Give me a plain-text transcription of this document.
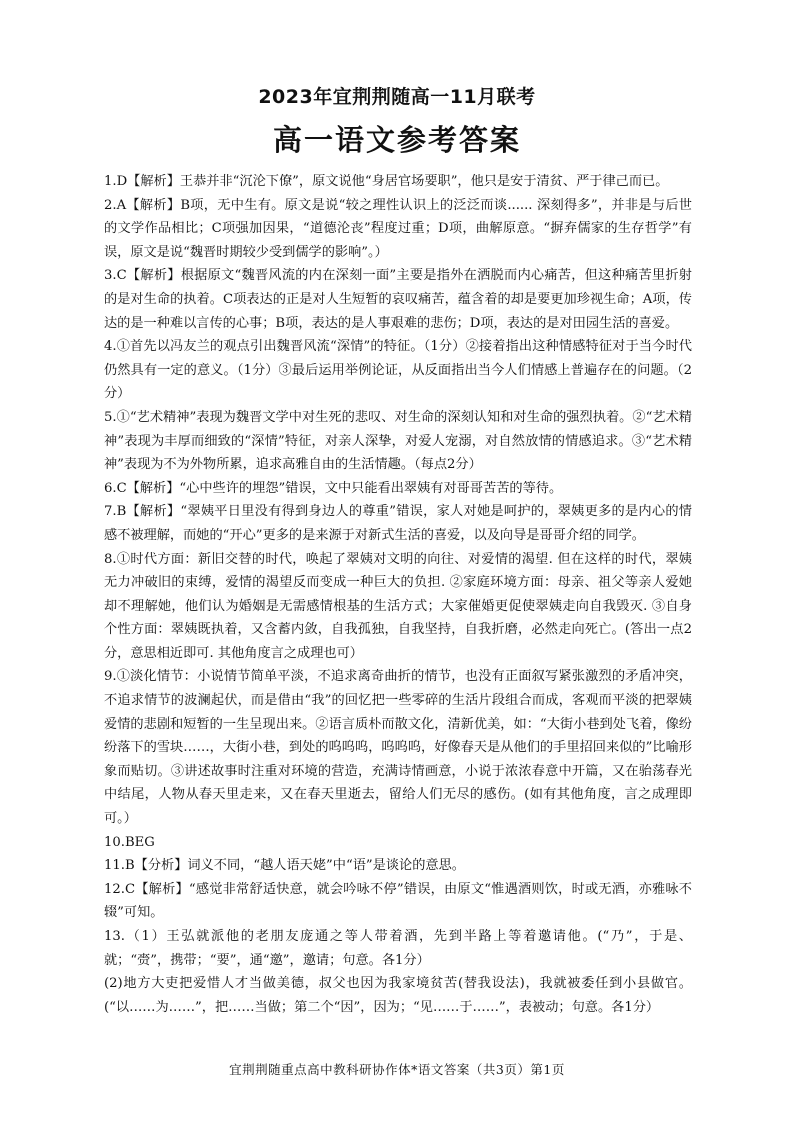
2023年宜荆荆随高一11月联考
高一语文参考答案

1.D【解析】王恭并非“沉沦下僚”，原文说他“身居官场要职”，他只是安于清贫、严于律己而已。

2.A【解析】B项，无中生有。原文是说“较之理性认识上的泛泛而谈...... 深刻得多”，并非是与后世的文学作品相比；C项强加因果，“道德沦丧”程度过重；D项，曲解原意。“摒弃儒家的生存哲学”有误，原文是说“魏晋时期较少受到儒学的影响”。）

3.C【解析】根据原文“魏晋风流的内在深刻一面”主要是指外在洒脱而内心痛苦，但这种痛苦里折射的是对生命的执着。C项表达的正是对人生短暂的哀叹痛苦，蕴含着的却是要更加珍视生命；A项，传达的是一种难以言传的心事；B项，表达的是人事艰难的悲伤；D项，表达的是对田园生活的喜爱。

4.①首先以冯友兰的观点引出魏晋风流“深情”的特征。（1分）②接着指出这种情感特征对于当今时代仍然具有一定的意义。（1分）③最后运用举例论证，从反面指出当今人们情感上普遍存在的问题。（2分）

5.①“艺术精神”表现为魏晋文学中对生死的悲叹、对生命的深刻认知和对生命的强烈执着。②“艺术精神”表现为丰厚而细致的“深情”特征，对亲人深挚，对爱人宠溺，对自然放情的情感追求。③“艺术精神”表现为不为外物所累，追求高雅自由的生活情趣。（每点2分）

6.C【解析】“心中些许的埋怨”错误，文中只能看出翠姨有对哥哥苦苦的等待。

7.B【解析】“翠姨平日里没有得到身边人的尊重”错误，家人对她是呵护的，翠姨更多的是内心的情感不被理解，而她的“开心”更多的是来源于对新式生活的喜爱，以及向导是哥哥介绍的同学。

8.①时代方面：新旧交替的时代，唤起了翠姨对文明的向往、对爱情的渴望. 但在这样的时代，翠姨无力冲破旧的束缚，爱情的渴望反而变成一种巨大的负担. ②家庭环境方面：母亲、祖父等亲人爱她却不理解她，他们认为婚姻是无需感情根基的生活方式；大家催婚更促使翠姨走向自我毁灭. ③自身个性方面：翠姨既执着，又含蓄内敛，自我孤独，自我坚持，自我折磨，必然走向死亡。(答出一点2分，意思相近即可. 其他角度言之成理也可）

9.①淡化情节：小说情节简单平淡，不追求离奇曲折的情节，也没有正面叙写紧张激烈的矛盾冲突，不追求情节的波澜起伏，而是借由“我”的回忆把一些零碎的生活片段组合而成，客观而平淡的把翠姨爱情的悲剧和短暂的一生呈现出来。②语言质朴而散文化，清新优美，如：“大街小巷到处飞着，像纷纷落下的雪块……，大街小巷，到处的呜呜呜，呜呜呜，好像春天是从他们的手里招回来似的”比喻形象而贴切。③讲述故事时注重对环境的营造，充满诗情画意，小说于浓浓春意中开篇，又在骀荡春光中结尾，人物从春天里走来，又在春天里逝去，留给人们无尽的感伤。(如有其他角度，言之成理即可。）

10.BEG

11.B【分析】词义不同，“越人语天姥”中“语”是谈论的意思。

12.C【解析】“感觉非常舒适快意，就会吟咏不停”错误，由原文“惟遇酒则饮，时或无酒，亦雅咏不辍”可知。

13.（1）王弘就派他的老朋友庞通之等人带着酒，先到半路上等着邀请他。(“乃”，于是、就；“赍”，携带；“要”，通“邀”，邀请；句意。各1分）

(2)地方大吏把爱惜人才当做美德，叔父也因为我家境贫苦(替我设法)，我就被委任到小县做官。(“以……为……”，把……当做；第二个“因”，因为；“见……于……”，表被动；句意。各1分）

宜荆荆随重点高中教科研协作体*语文答案（共3页）第1页
